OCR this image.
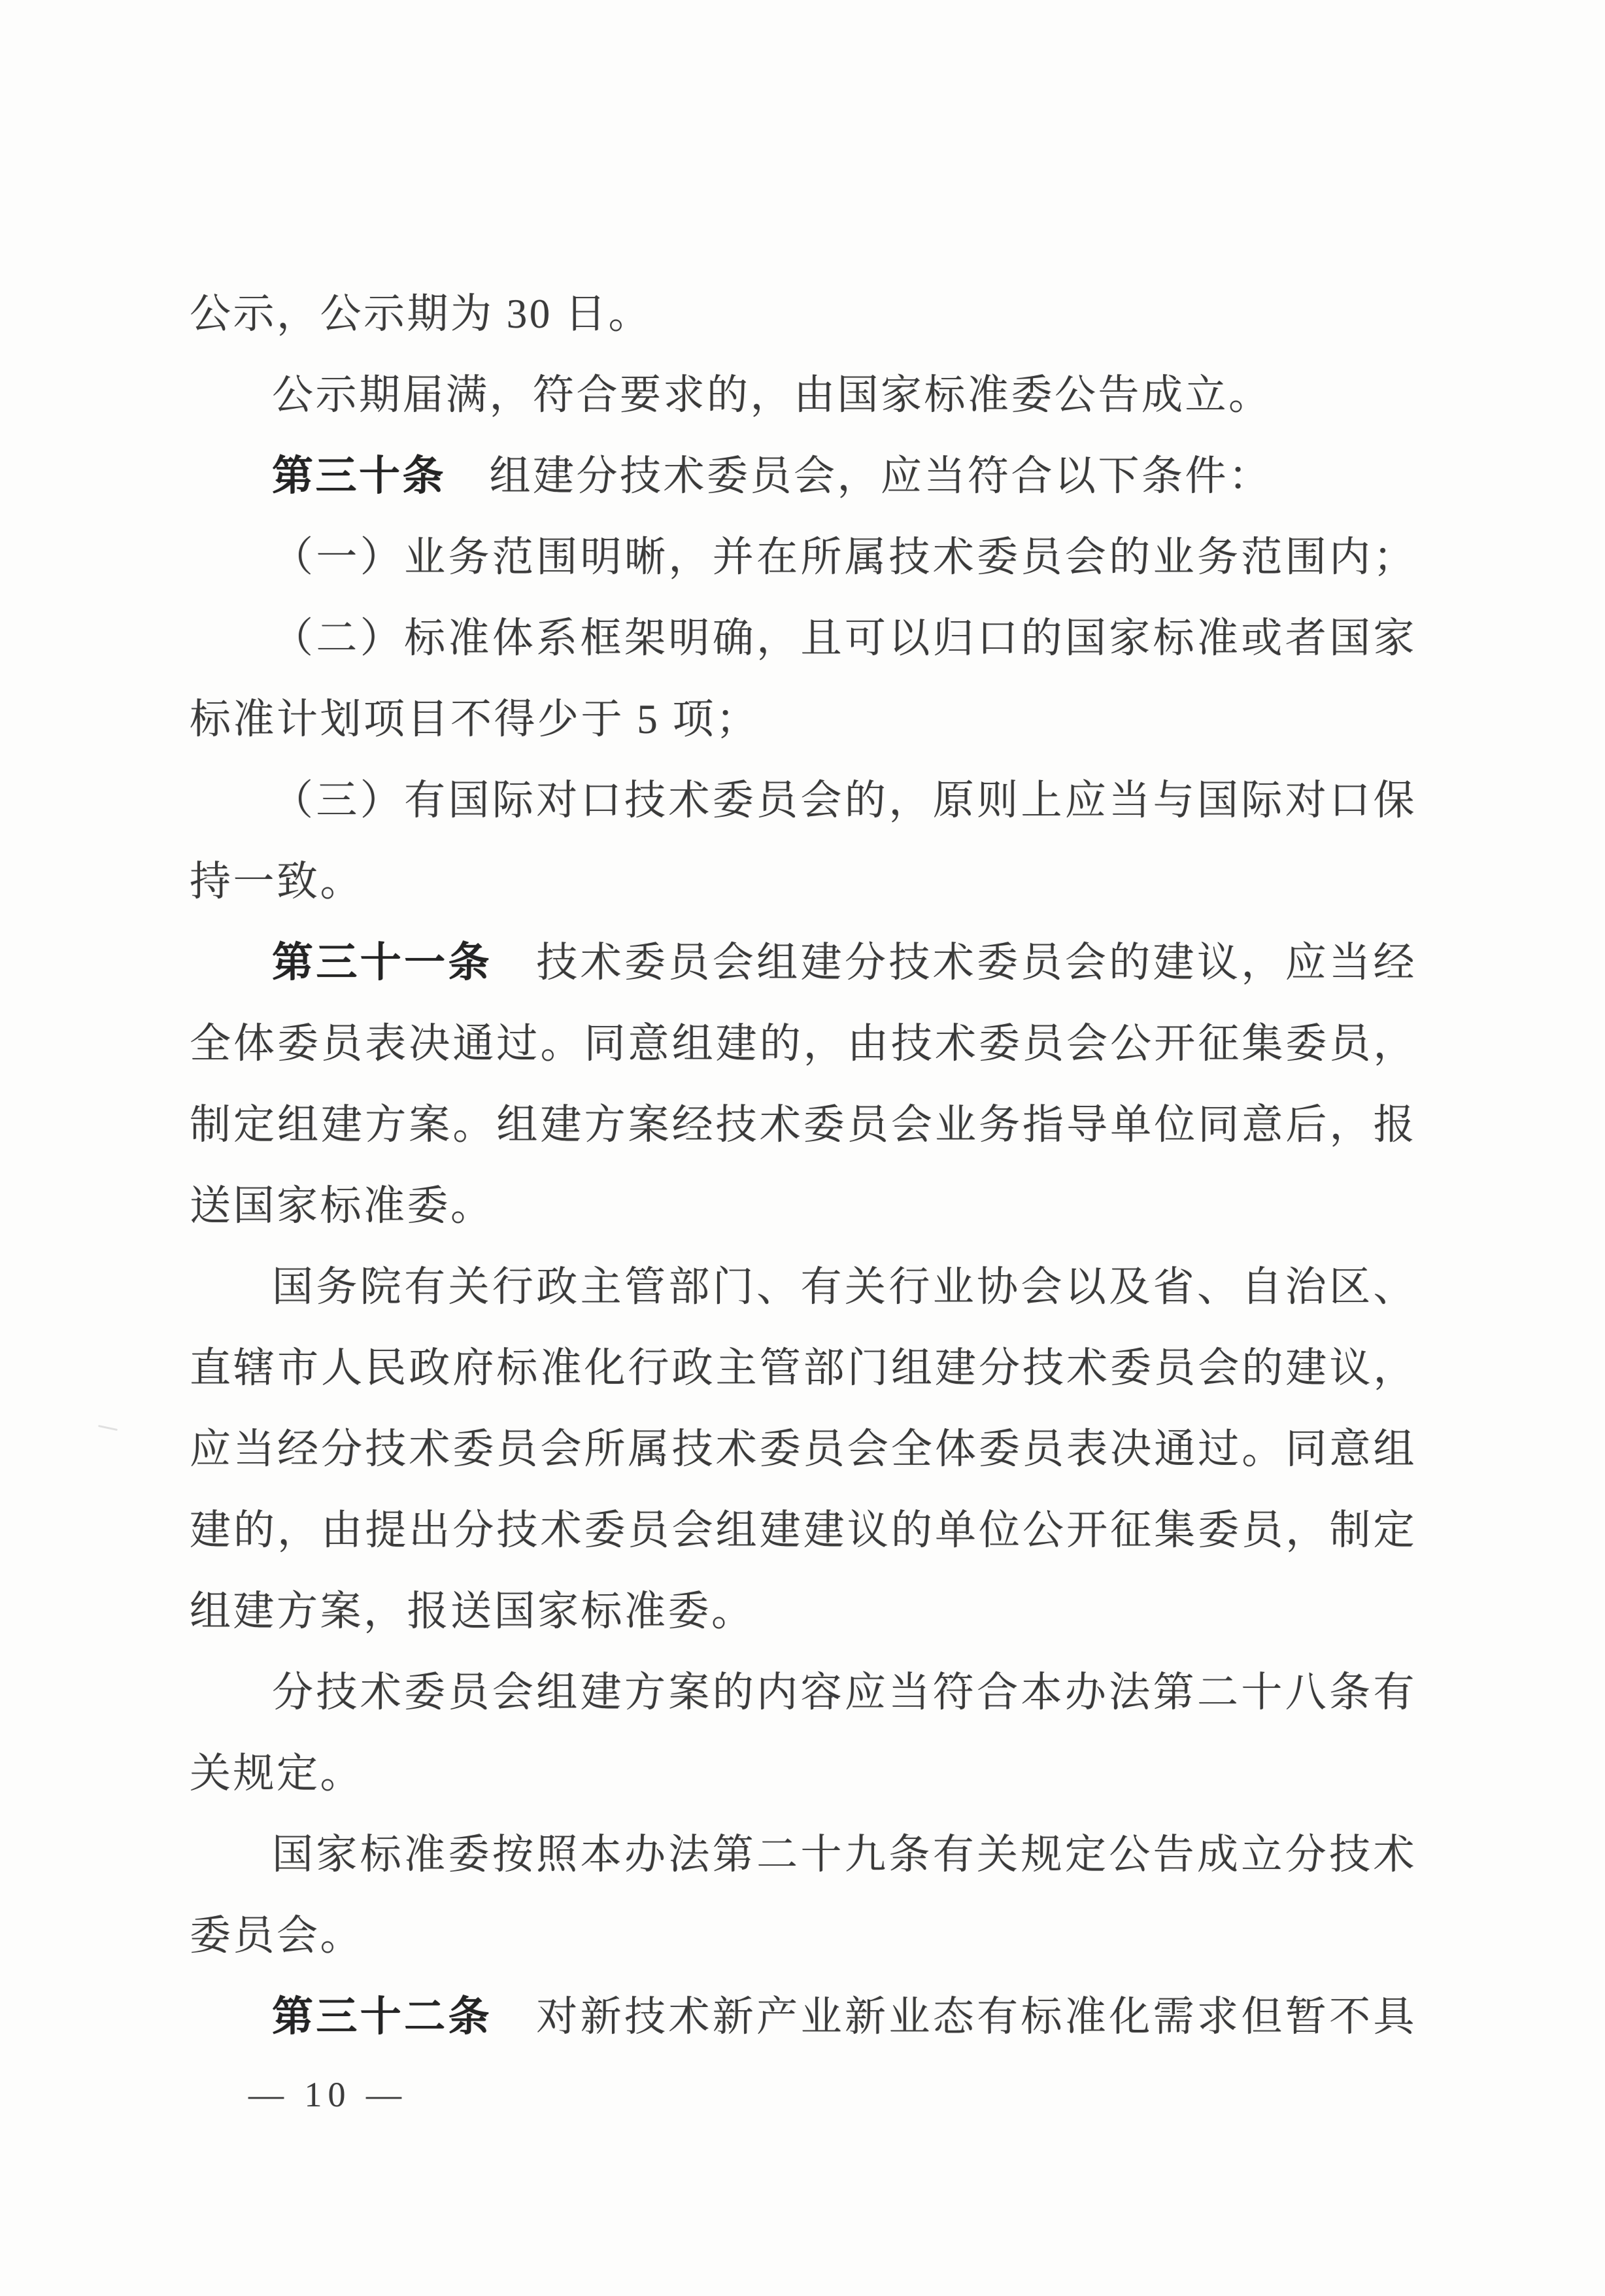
公示，公示期为 30 日。
公示期届满，符合要求的，由国家标准委公告成立。
第三十条　组建分技术委员会，应当符合以下条件：
（一）业务范围明晰，并在所属技术委员会的业务范围内；
（二）标准体系框架明确，且可以归口的国家标准或者国家
标准计划项目不得少于 5 项；
（三）有国际对口技术委员会的，原则上应当与国际对口保
持一致。
第三十一条　技术委员会组建分技术委员会的建议，应当经
全体委员表决通过。同意组建的，由技术委员会公开征集委员，
制定组建方案。组建方案经技术委员会业务指导单位同意后，报
送国家标准委。
国务院有关行政主管部门、有关行业协会以及省、自治区、
直辖市人民政府标准化行政主管部门组建分技术委员会的建议，
应当经分技术委员会所属技术委员会全体委员表决通过。同意组
建的，由提出分技术委员会组建建议的单位公开征集委员，制定
组建方案，报送国家标准委。
分技术委员会组建方案的内容应当符合本办法第二十八条有
关规定。
国家标准委按照本办法第二十九条有关规定公告成立分技术
委员会。
第三十二条　对新技术新产业新业态有标准化需求但暂不具
— 10 —
